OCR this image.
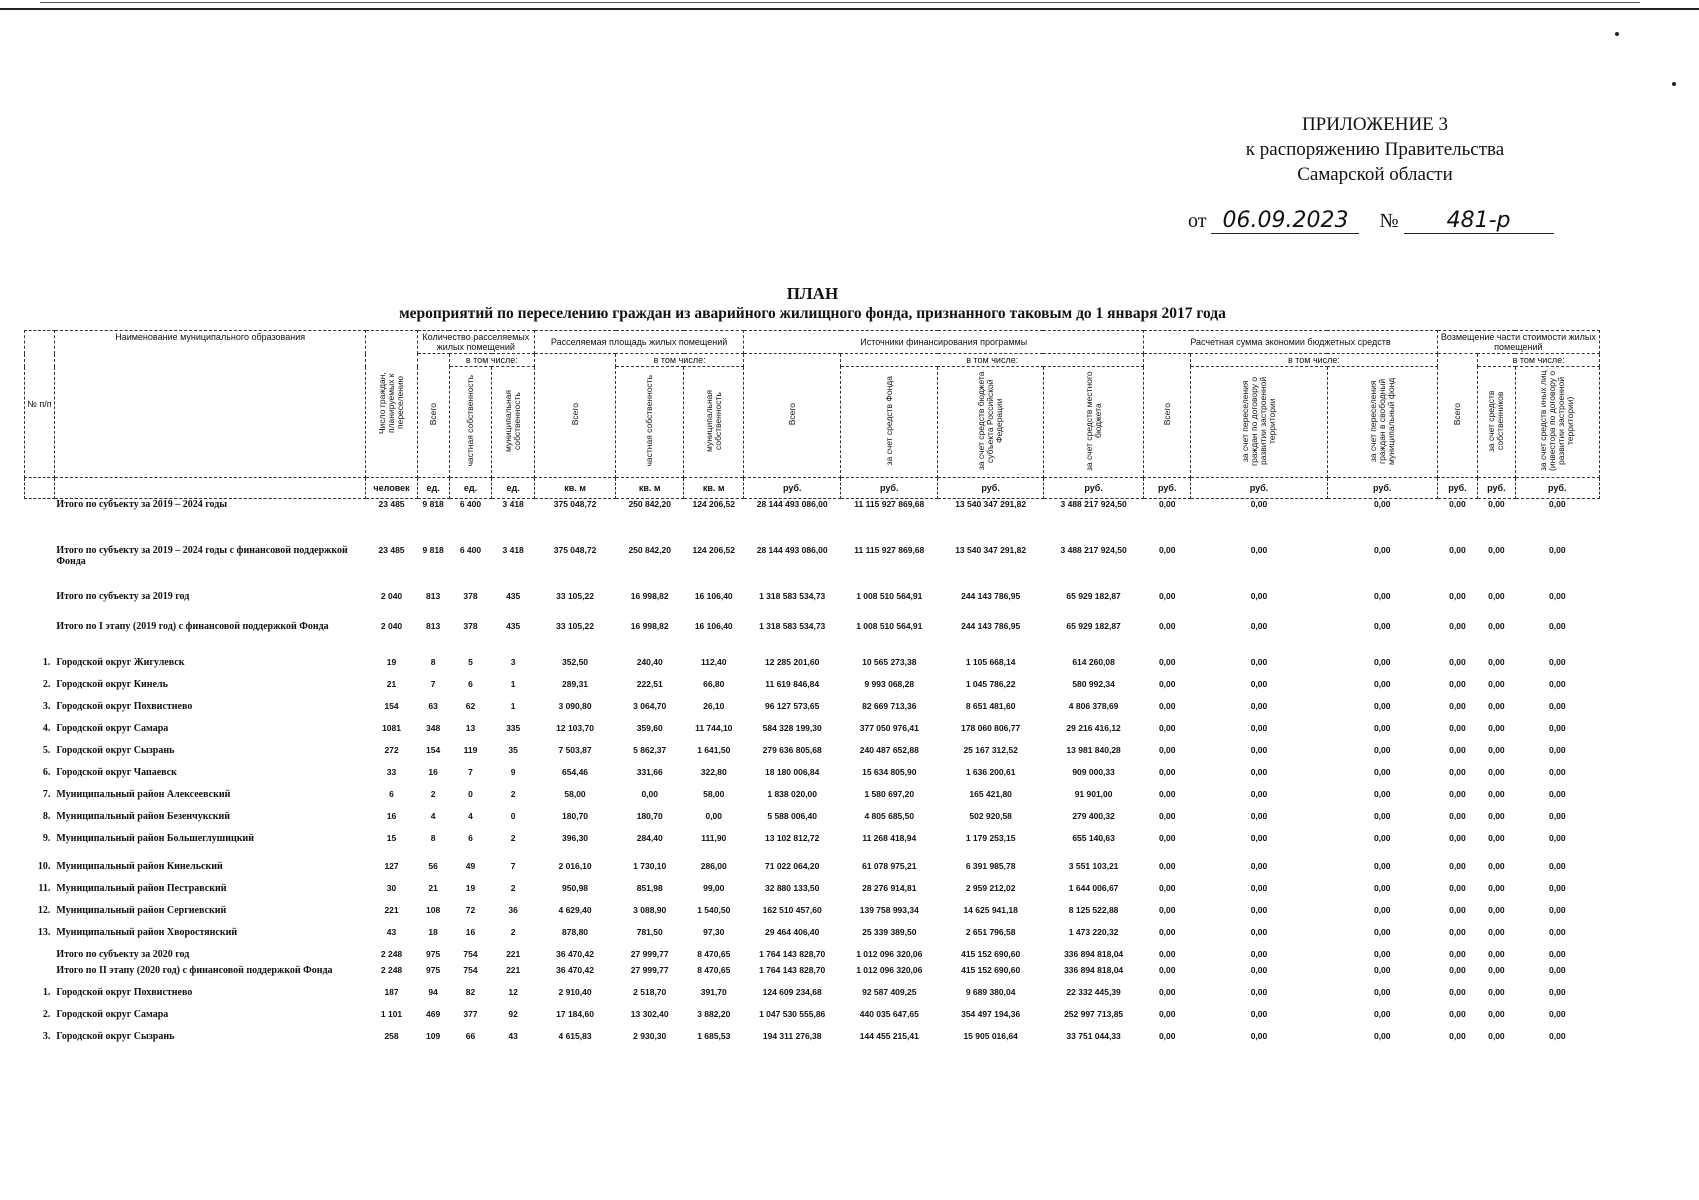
ПРИЛОЖЕНИЕ 3
к распоряжению Правительства
Самарской области
от 06.09.2023 № 481-р
ПЛАН
мероприятий по переселению граждан из аварийного жилищного фонда, признанного таковым до 1 января 2017 года
№ п/п	Наименование муниципального образования	Число граждан, планируемых к переселению	Количество расселяемых жилых помещений			Расселяемая площадь жилых помещений			Источники финансирования программы				Расчетная сумма экономии бюджетных средств			Возмещение части стоимости жилых помещений		
			Всего	в том числе:		Всего	в том числе:		Всего	в том числе:			Всего	в том числе:		Всего	в том числе:	
				частная собственность	муниципальная собственность		частная собственность	муниципальная собственность		за счет средств Фонда	за счет средств бюджета субъекта Российской Федерации	за счет средств местного бюджета		за счет переселения граждан по договору о развитии застроенной территории	за счет переселения граждан в свободный муниципальный фонд		за счет средств собственников	за счет средств иных лиц (инвестора по договору о развитии застроенной территории)
		человек	ед.	ед.	ед.	кв. м	кв. м	кв. м	руб.	руб.	руб.	руб.	руб.	руб.	руб.	руб.	руб.	руб.
	Итого по субъекту за 2019 – 2024 годы	23 485	9 818	6 400	3 418	375 048,72	250 842,20	124 206,52	28 144 493 086,00	11 115 927 869,68	13 540 347 291,82	3 488 217 924,50	0,00	0,00	0,00	0,00	0,00	0,00
	Итого по субъекту за 2019 – 2024 годы с финансовой поддержкой Фонда	23 485	9 818	6 400	3 418	375 048,72	250 842,20	124 206,52	28 144 493 086,00	11 115 927 869,68	13 540 347 291,82	3 488 217 924,50	0,00	0,00	0,00	0,00	0,00	0,00
	Итого по субъекту за 2019 год	2 040	813	378	435	33 105,22	16 998,82	16 106,40	1 318 583 534,73	1 008 510 564,91	244 143 786,95	65 929 182,87	0,00	0,00	0,00	0,00	0,00	0,00
	Итого по I этапу (2019 год) с финансовой поддержкой Фонда	2 040	813	378	435	33 105,22	16 998,82	16 106,40	1 318 583 534,73	1 008 510 564,91	244 143 786,95	65 929 182,87	0,00	0,00	0,00	0,00	0,00	0,00
1.	Городской округ Жигулевск	19	8	5	3	352,50	240,40	112,40	12 285 201,60	10 565 273,38	1 105 668,14	614 260,08	0,00	0,00	0,00	0,00	0,00	0,00
2.	Городской округ Кинель	21	7	6	1	289,31	222,51	66,80	11 619 846,84	9 993 068,28	1 045 786,22	580 992,34	0,00	0,00	0,00	0,00	0,00	0,00
3.	Городской округ Похвистнево	154	63	62	1	3 090,80	3 064,70	26,10	96 127 573,65	82 669 713,36	8 651 481,60	4 806 378,69	0,00	0,00	0,00	0,00	0,00	0,00
4.	Городской округ Самара	1081	348	13	335	12 103,70	359,60	11 744,10	584 328 199,30	377 050 976,41	178 060 806,77	29 216 416,12	0,00	0,00	0,00	0,00	0,00	0,00
5.	Городской округ Сызрань	272	154	119	35	7 503,87	5 862,37	1 641,50	279 636 805,68	240 487 652,88	25 167 312,52	13 981 840,28	0,00	0,00	0,00	0,00	0,00	0,00
6.	Городской округ Чапаевск	33	16	7	9	654,46	331,66	322,80	18 180 006,84	15 634 805,90	1 636 200,61	909 000,33	0,00	0,00	0,00	0,00	0,00	0,00
7.	Муниципальный район Алексеевский	6	2	0	2	58,00	0,00	58,00	1 838 020,00	1 580 697,20	165 421,80	91 901,00	0,00	0,00	0,00	0,00	0,00	0,00
8.	Муниципальный район Безенчукский	16	4	4	0	180,70	180,70	0,00	5 588 006,40	4 805 685,50	502 920,58	279 400,32	0,00	0,00	0,00	0,00	0,00	0,00
9.	Муниципальный район Большеглушицкий	15	8	6	2	396,30	284,40	111,90	13 102 812,72	11 268 418,94	1 179 253,15	655 140,63	0,00	0,00	0,00	0,00	0,00	0,00
10.	Муниципальный район Кинельский	127	56	49	7	2 016,10	1 730,10	286,00	71 022 064,20	61 078 975,21	6 391 985,78	3 551 103,21	0,00	0,00	0,00	0,00	0,00	0,00
11.	Муниципальный район Пестравский	30	21	19	2	950,98	851,98	99,00	32 880 133,50	28 276 914,81	2 959 212,02	1 644 006,67	0,00	0,00	0,00	0,00	0,00	0,00
12.	Муниципальный район Сергиевский	221	108	72	36	4 629,40	3 088,90	1 540,50	162 510 457,60	139 758 993,34	14 625 941,18	8 125 522,88	0,00	0,00	0,00	0,00	0,00	0,00
13.	Муниципальный район Хворостянский	43	18	16	2	878,80	781,50	97,30	29 464 406,40	25 339 389,50	2 651 796,58	1 473 220,32	0,00	0,00	0,00	0,00	0,00	0,00
	Итого по субъекту за 2020 год	2 248	975	754	221	36 470,42	27 999,77	8 470,65	1 764 143 828,70	1 012 096 320,06	415 152 690,60	336 894 818,04	0,00	0,00	0,00	0,00	0,00	0,00
	Итого по II этапу (2020 год) с финансовой поддержкой Фонда	2 248	975	754	221	36 470,42	27 999,77	8 470,65	1 764 143 828,70	1 012 096 320,06	415 152 690,60	336 894 818,04	0,00	0,00	0,00	0,00	0,00	0,00
1.	Городской округ Похвистнево	187	94	82	12	2 910,40	2 518,70	391,70	124 609 234,68	92 587 409,25	9 689 380,04	22 332 445,39	0,00	0,00	0,00	0,00	0,00	0,00
2.	Городской округ Самара	1 101	469	377	92	17 184,60	13 302,40	3 882,20	1 047 530 555,86	440 035 647,65	354 497 194,36	252 997 713,85	0,00	0,00	0,00	0,00	0,00	0,00
3.	Городской округ Сызрань	258	109	66	43	4 615,83	2 930,30	1 685,53	194 311 276,38	144 455 215,41	15 905 016,64	33 751 044,33	0,00	0,00	0,00	0,00	0,00	0,00
